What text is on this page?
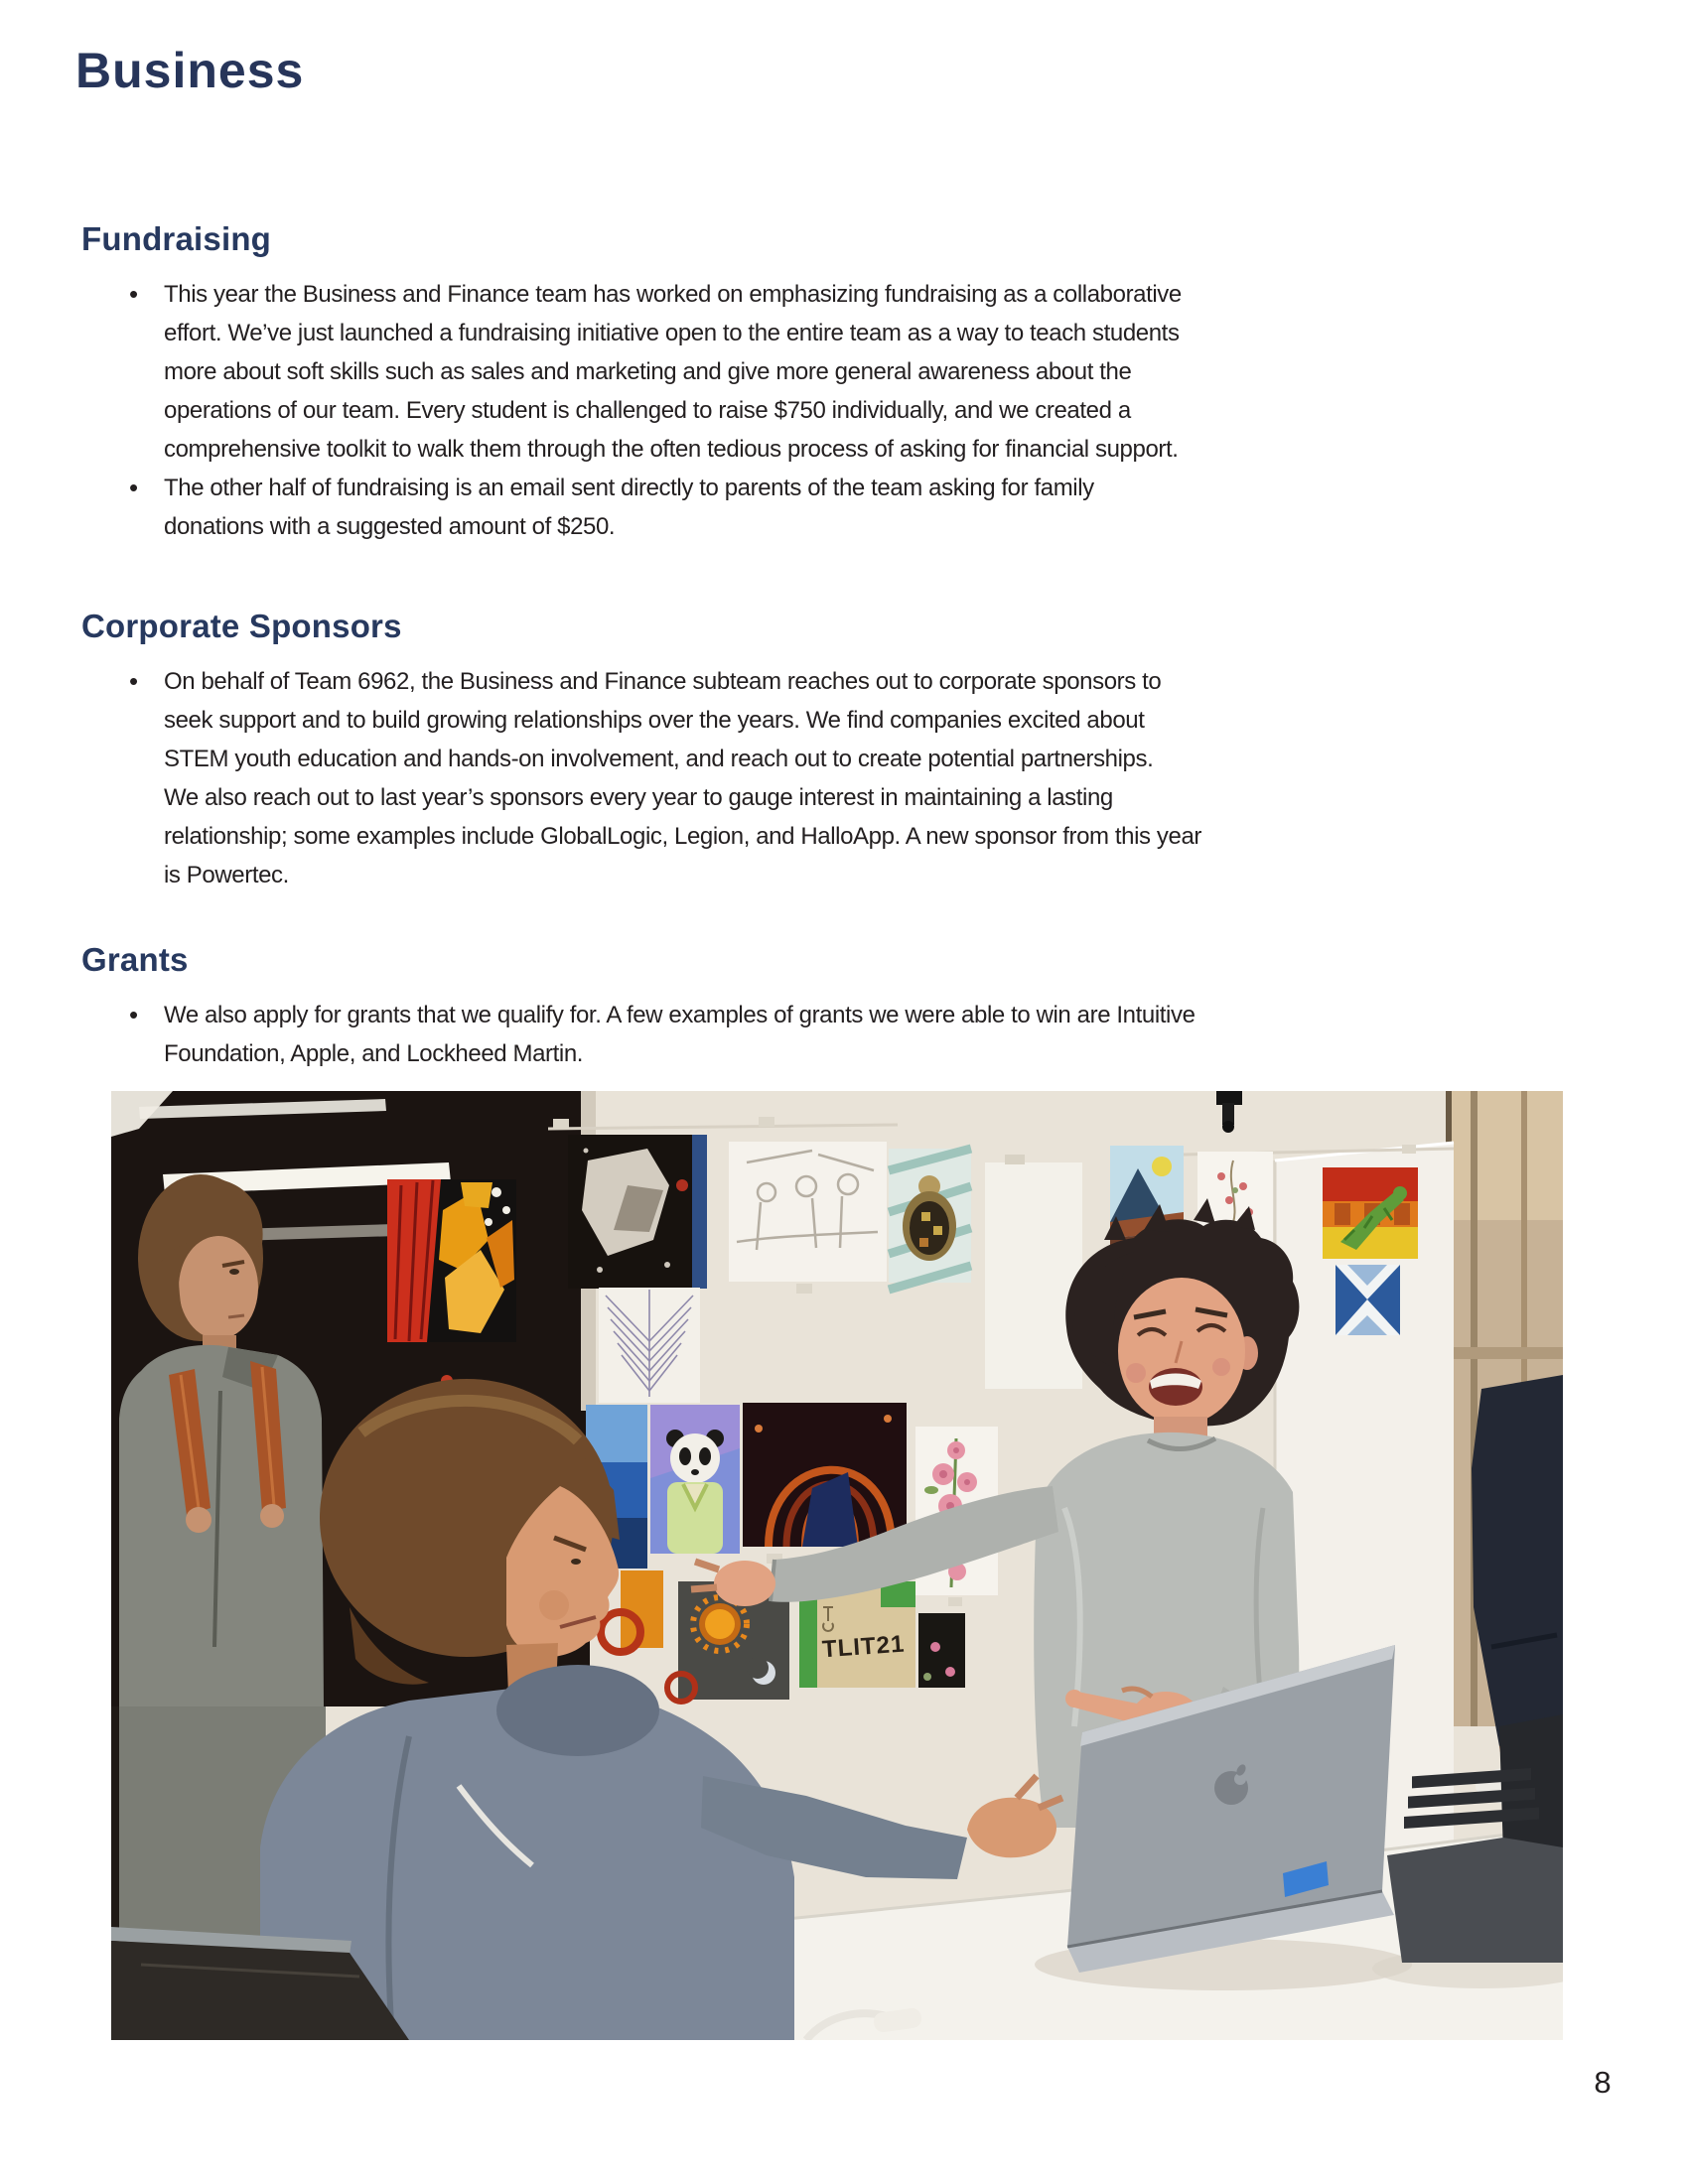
Business
Fundraising
• This year the Business and Finance team has worked on emphasizing fundraising as a collaborative
effort. We’ve just launched a fundraising initiative open to the entire team as a way to teach students
more about soft skills such as sales and marketing and give more general awareness about the
operations of our team. Every student is challenged to raise $750 individually, and we created a
comprehensive toolkit to walk them through the often tedious process of asking for financial support.
• The other half of fundraising is an email sent directly to parents of the team asking for family
donations with a suggested amount of $250.
Corporate Sponsors
• On behalf of Team 6962, the Business and Finance subteam reaches out to corporate sponsors to
seek support and to build growing relationships over the years. We find companies excited about
STEM youth education and hands-on involvement, and reach out to create potential partnerships.
We also reach out to last year’s sponsors every year to gauge interest in maintaining a lasting
relationship; some examples include GlobalLogic, Legion, and HalloApp. A new sponsor from this year
is Powertec.
Grants
• We also apply for grants that we qualify for. A few examples of grants we were able to win are Intuitive
Foundation, Apple, and Lockheed Martin.
TLIT21
8
